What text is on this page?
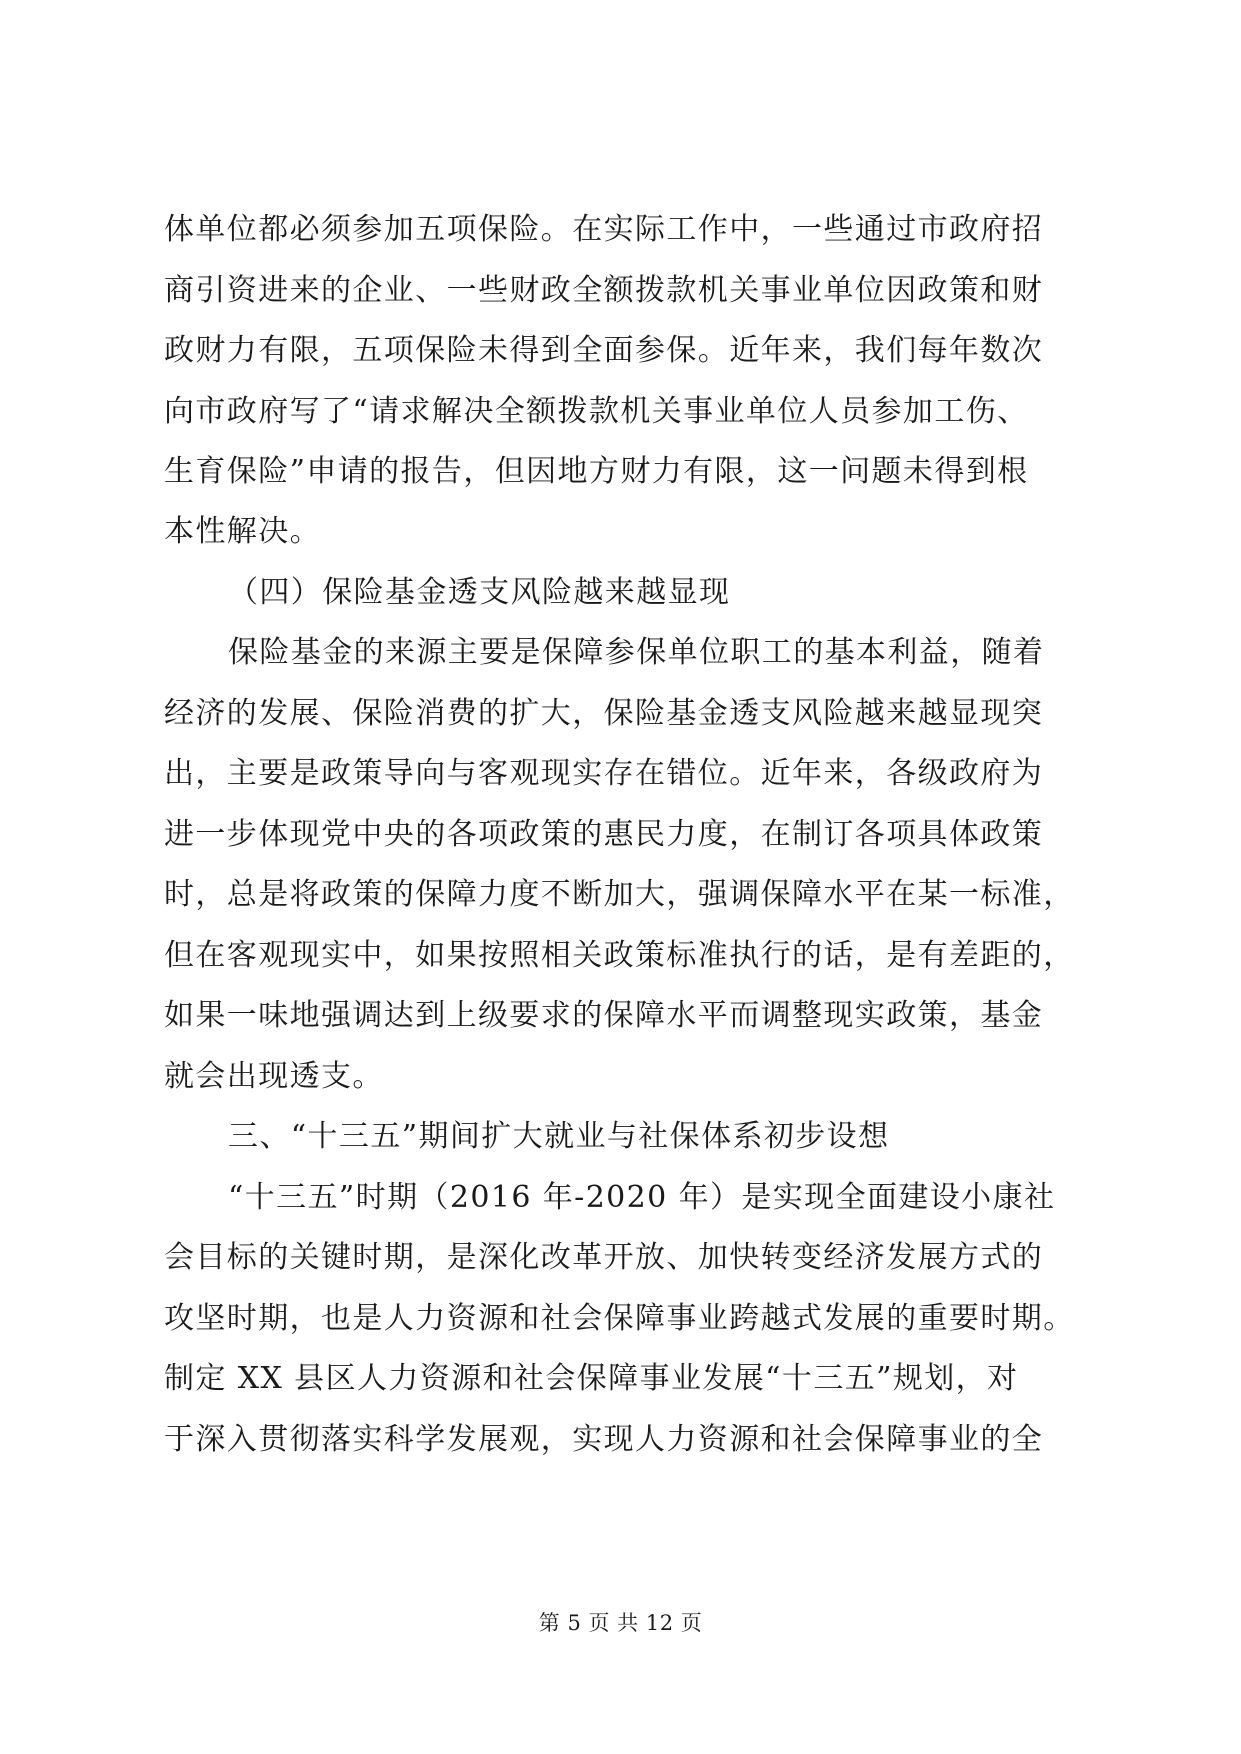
体单位都必须参加五项保险。在实际工作中，一些通过市政府招
商引资进来的企业、一些财政全额拨款机关事业单位因政策和财
政财力有限，五项保险未得到全面参保。近年来，我们每年数次
向市政府写了“请求解决全额拨款机关事业单位人员参加工伤、
生育保险”申请的报告，但因地方财力有限，这一问题未得到根
本性解决。
（四）保险基金透支风险越来越显现
保险基金的来源主要是保障参保单位职工的基本利益，随着
经济的发展、保险消费的扩大，保险基金透支风险越来越显现突
出，主要是政策导向与客观现实存在错位。近年来，各级政府为
进一步体现党中央的各项政策的惠民力度，在制订各项具体政策
时，总是将政策的保障力度不断加大，强调保障水平在某一标准，
但在客观现实中，如果按照相关政策标准执行的话，是有差距的，
如果一味地强调达到上级要求的保障水平而调整现实政策，基金
就会出现透支。
三、“十三五”期间扩大就业与社保体系初步设想
“十三五”时期（2016 年-2020 年）是实现全面建设小康社
会目标的关键时期，是深化改革开放、加快转变经济发展方式的
攻坚时期，也是人力资源和社会保障事业跨越式发展的重要时期。
制定 XX 县区人力资源和社会保障事业发展“十三五”规划，对
于深入贯彻落实科学发展观，实现人力资源和社会保障事业的全
第 5 页 共 12 页
